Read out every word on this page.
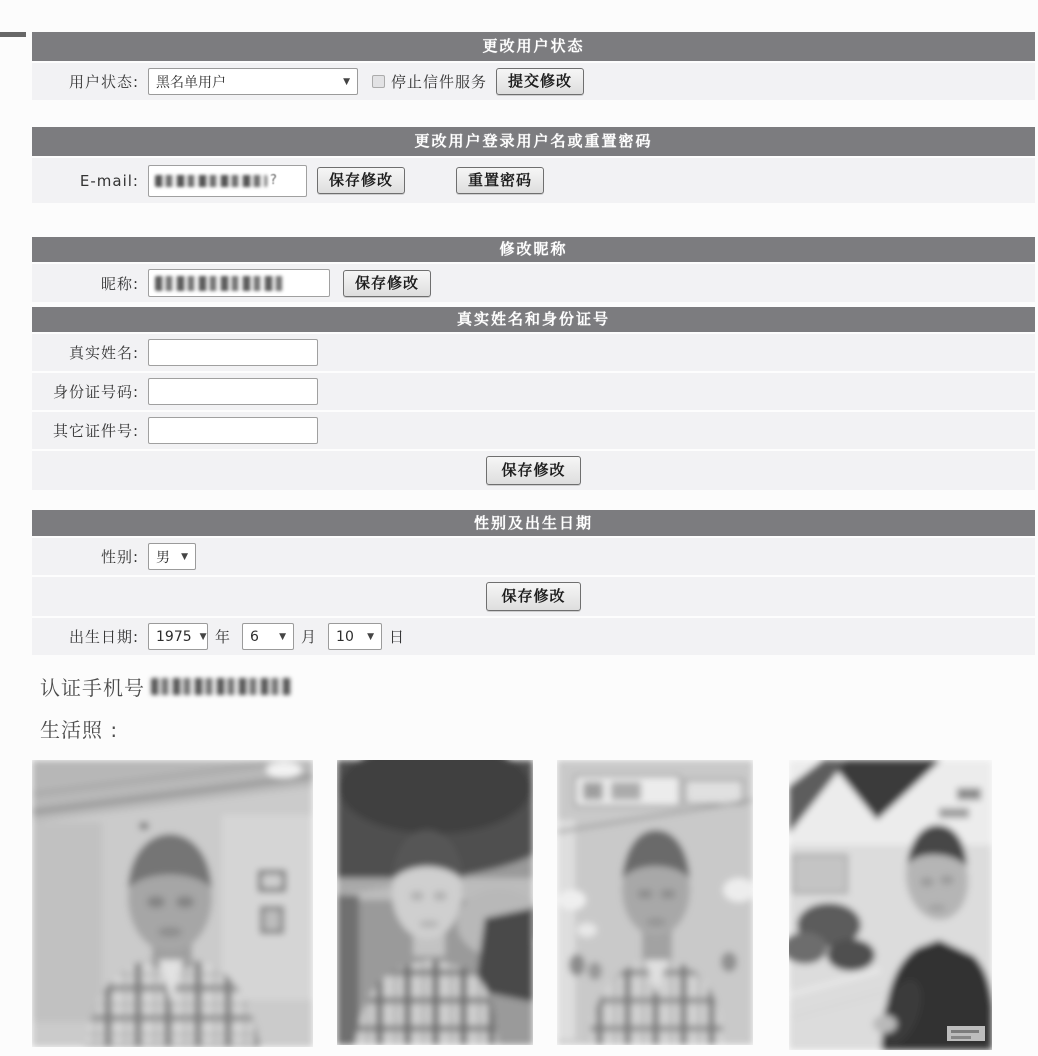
更改用户状态
用户状态: 黑名单用户	▼	停止信件服务	提交修改
更改用户登录用户名或重置密码
E-mail:	?	保存修改	重置密码
修改昵称
昵称:	保存修改
真实姓名和身份证号
真实姓名:
身份证号码:
其它证件号:
保存修改
性别及出生日期
性别: 男 ▼
保存修改
出生日期: 1975 ▼ 年 6 ▼ 月 10 ▼ 日
认证手机号
生活照 :
